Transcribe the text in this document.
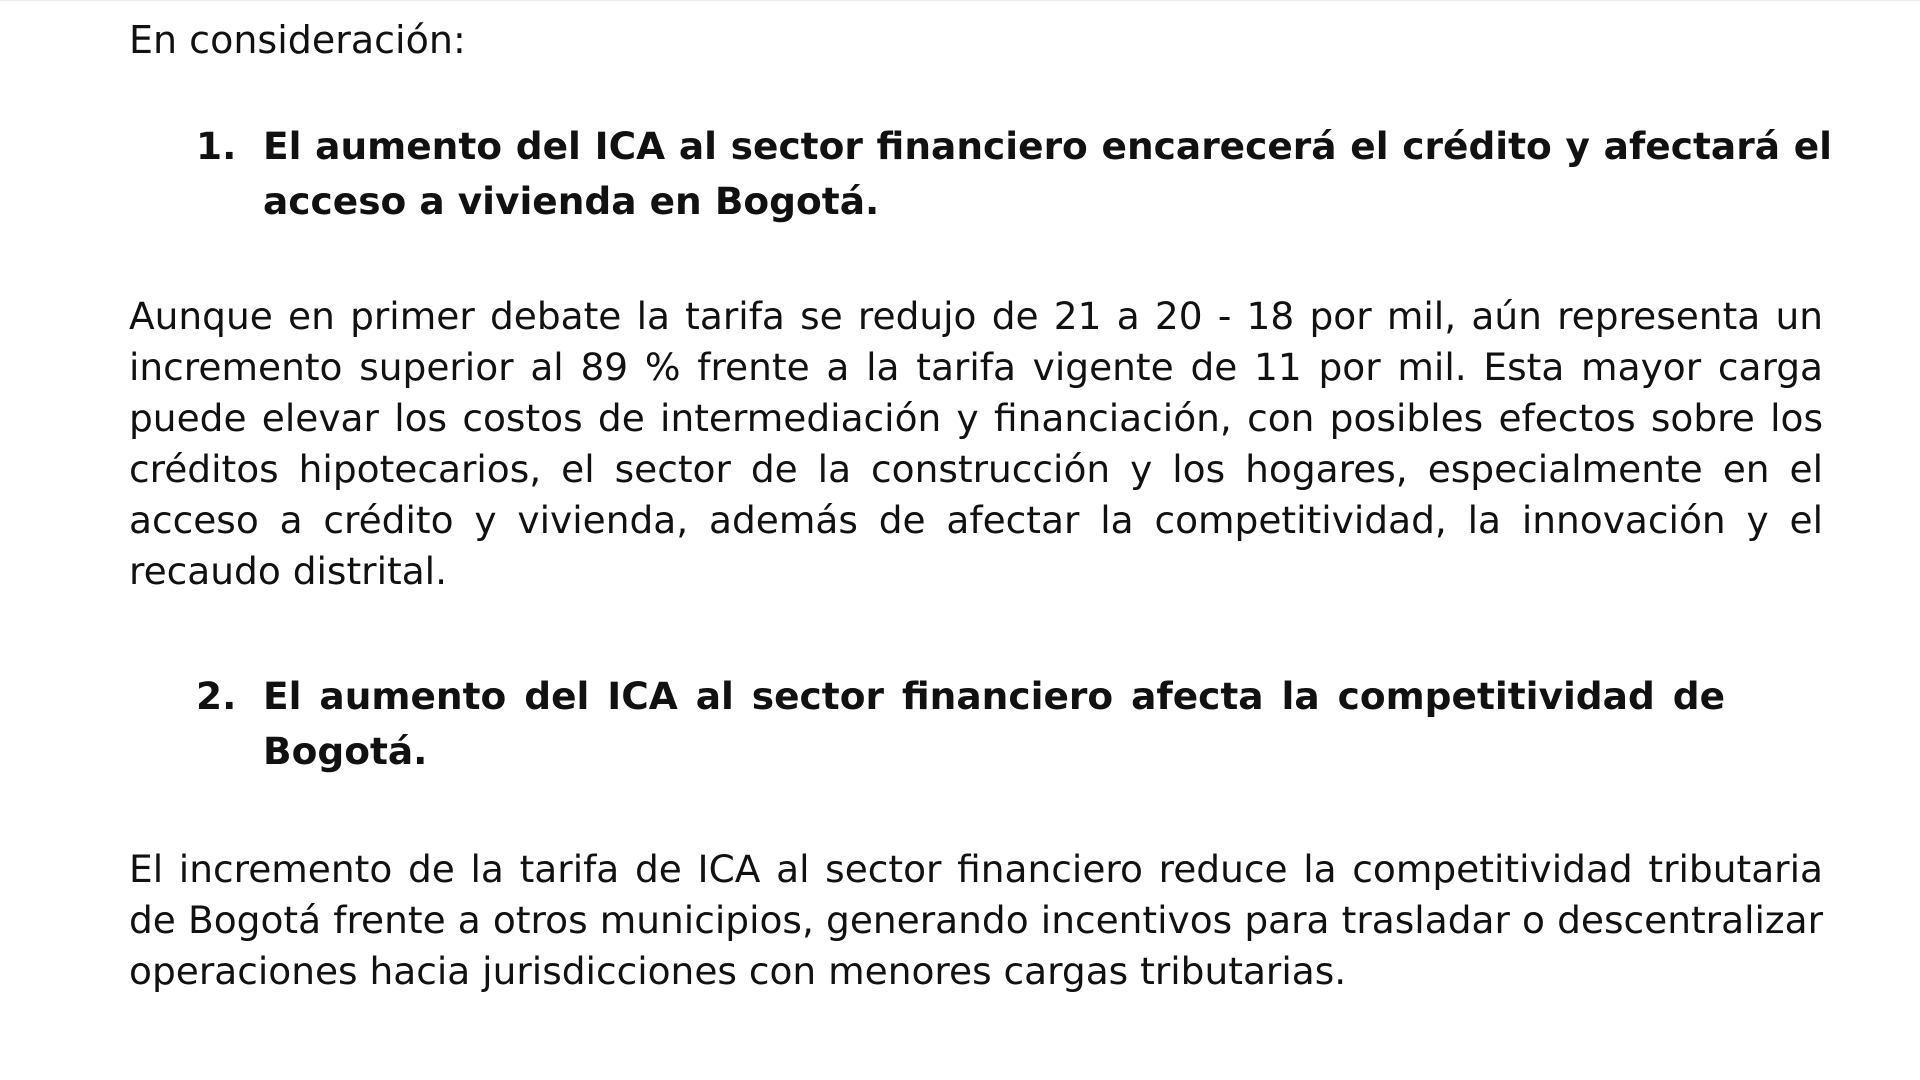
En consideración:
1. El aumento del ICA al sector financiero encarecerá el crédito y afectará el acceso a vivienda en Bogotá.
Aunque en primer debate la tarifa se redujo de 21 a 20 - 18 por mil, aún representa un incremento superior al 89 % frente a la tarifa vigente de 11 por mil. Esta mayor carga puede elevar los costos de intermediación y financiación, con posibles efectos sobre los créditos hipotecarios, el sector de la construcción y los hogares, especialmente en el acceso a crédito y vivienda, además de afectar la competitividad, la innovación y el recaudo distrital.
2. El aumento del ICA al sector financiero afecta la competitividad de Bogotá.
El incremento de la tarifa de ICA al sector financiero reduce la competitividad tributaria de Bogotá frente a otros municipios, generando incentivos para trasladar o descentralizar operaciones hacia jurisdicciones con menores cargas tributarias.
